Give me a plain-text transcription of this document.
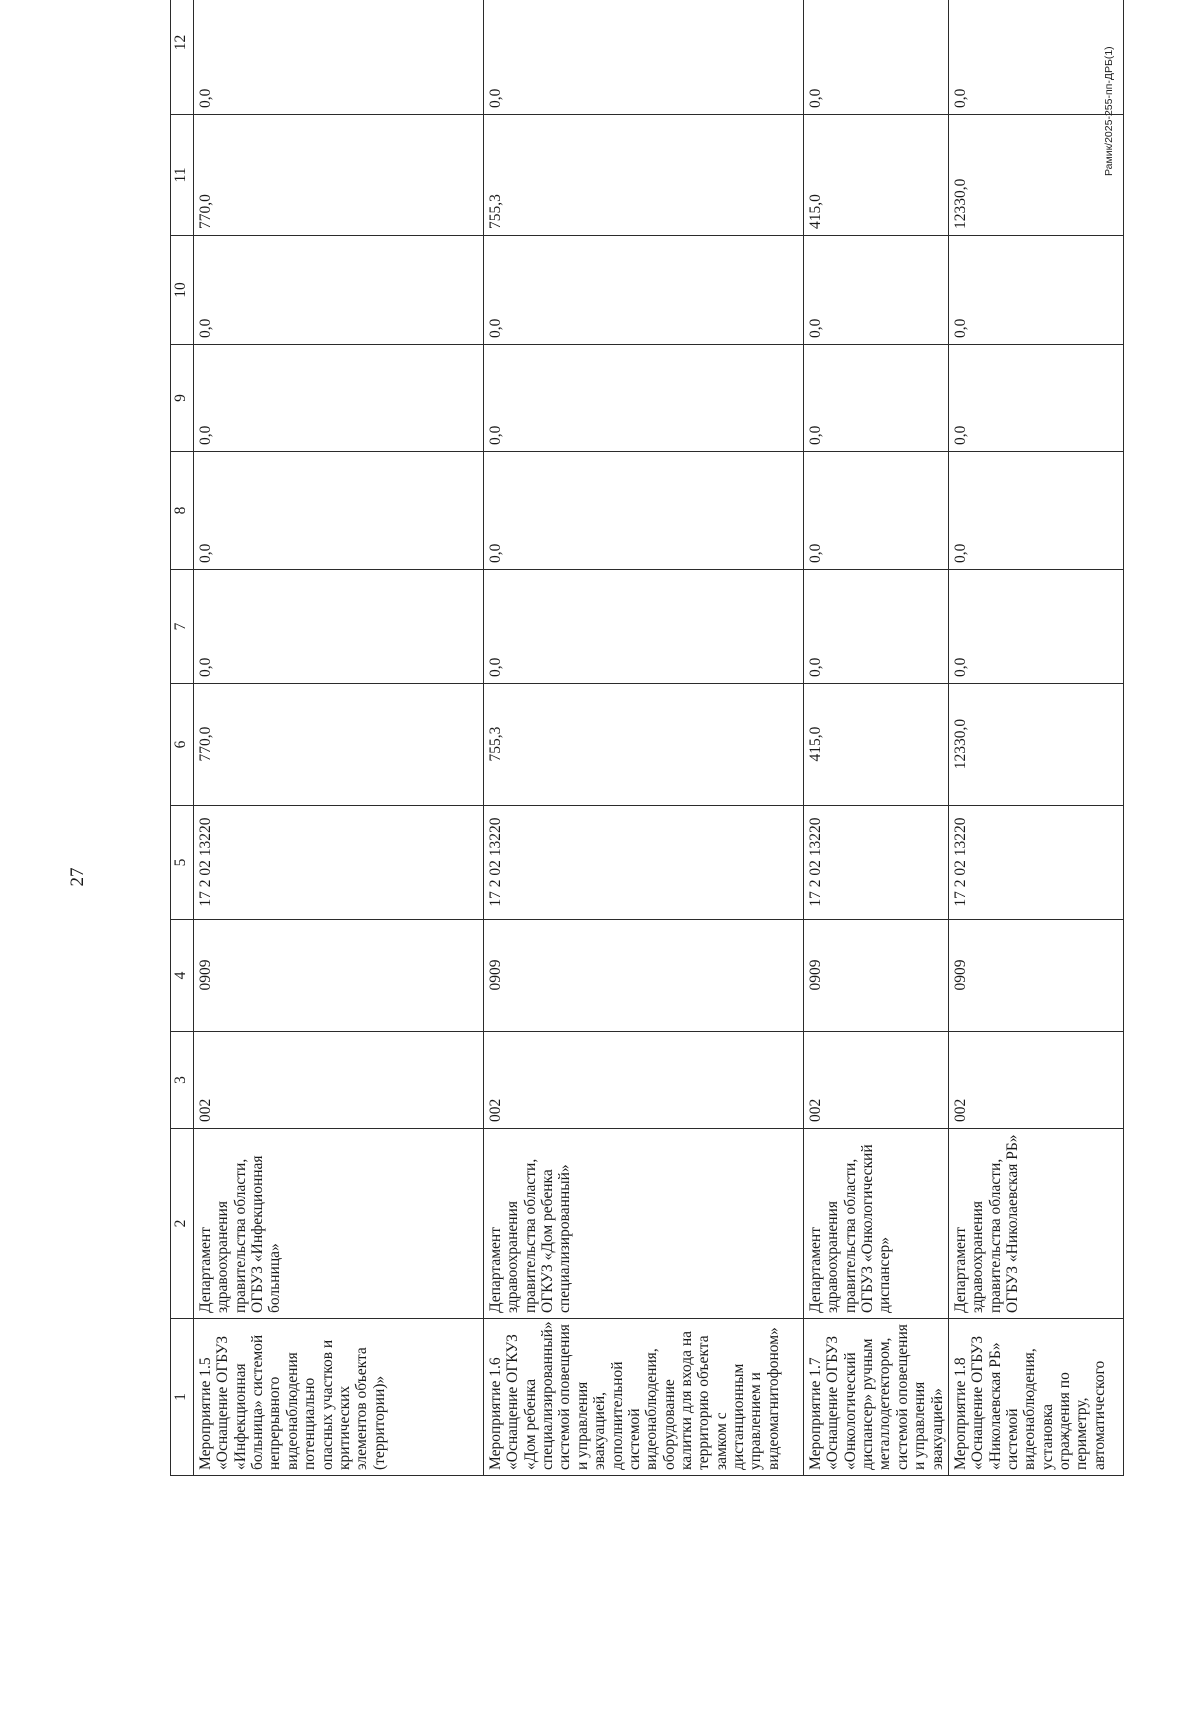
27
1	2	3	4	5	6	7	8	9	10	11	12
Мероприятие 1.5 «Оснащение ОГБУЗ «Инфекционная больница» системой непрерывного видеонаблюдения потенциально опасных участков и критических элементов объекта (территории)»	Департамент здравоохранения правительства области, ОГБУЗ «Инфекционная больница»	002	0909	17 2 02 13220	770,0	0,0	0,0	0,0	0,0	770,0	0,0
Мероприятие 1.6 «Оснащение ОГКУЗ «Дом ребенка специализированный» системой оповещения и управления эвакуацией, дополнительной системой видеонаблюдения, оборудование калитки для входа на территорию объекта замком с дистанционным управлением и видеомагнитофоном»	Департамент здравоохранения правительства области, ОГКУЗ «Дом ребенка специализированный»	002	0909	17 2 02 13220	755,3	0,0	0,0	0,0	0,0	755,3	0,0
Мероприятие 1.7 «Оснащение ОГБУЗ «Онкологический диспансер» ручным металлодетектором, системой оповещения и управления эвакуацией»	Департамент здравоохранения правительства области, ОГБУЗ «Онкологический диспансер»	002	0909	17 2 02 13220	415,0	0,0	0,0	0,0	0,0	415,0	0,0
Мероприятие 1.8 «Оснащение ОГБУЗ «Николаевская РБ» системой видеонаблюдения, установка ограждения по периметру, автоматического	Департамент здравоохранения правительства области, ОГБУЗ «Николаевская РБ»	002	0909	17 2 02 13220	12330,0	0,0	0,0	0,0	0,0	12330,0	0,0	Рамик/2025-255-пп-ДРБ(1)
